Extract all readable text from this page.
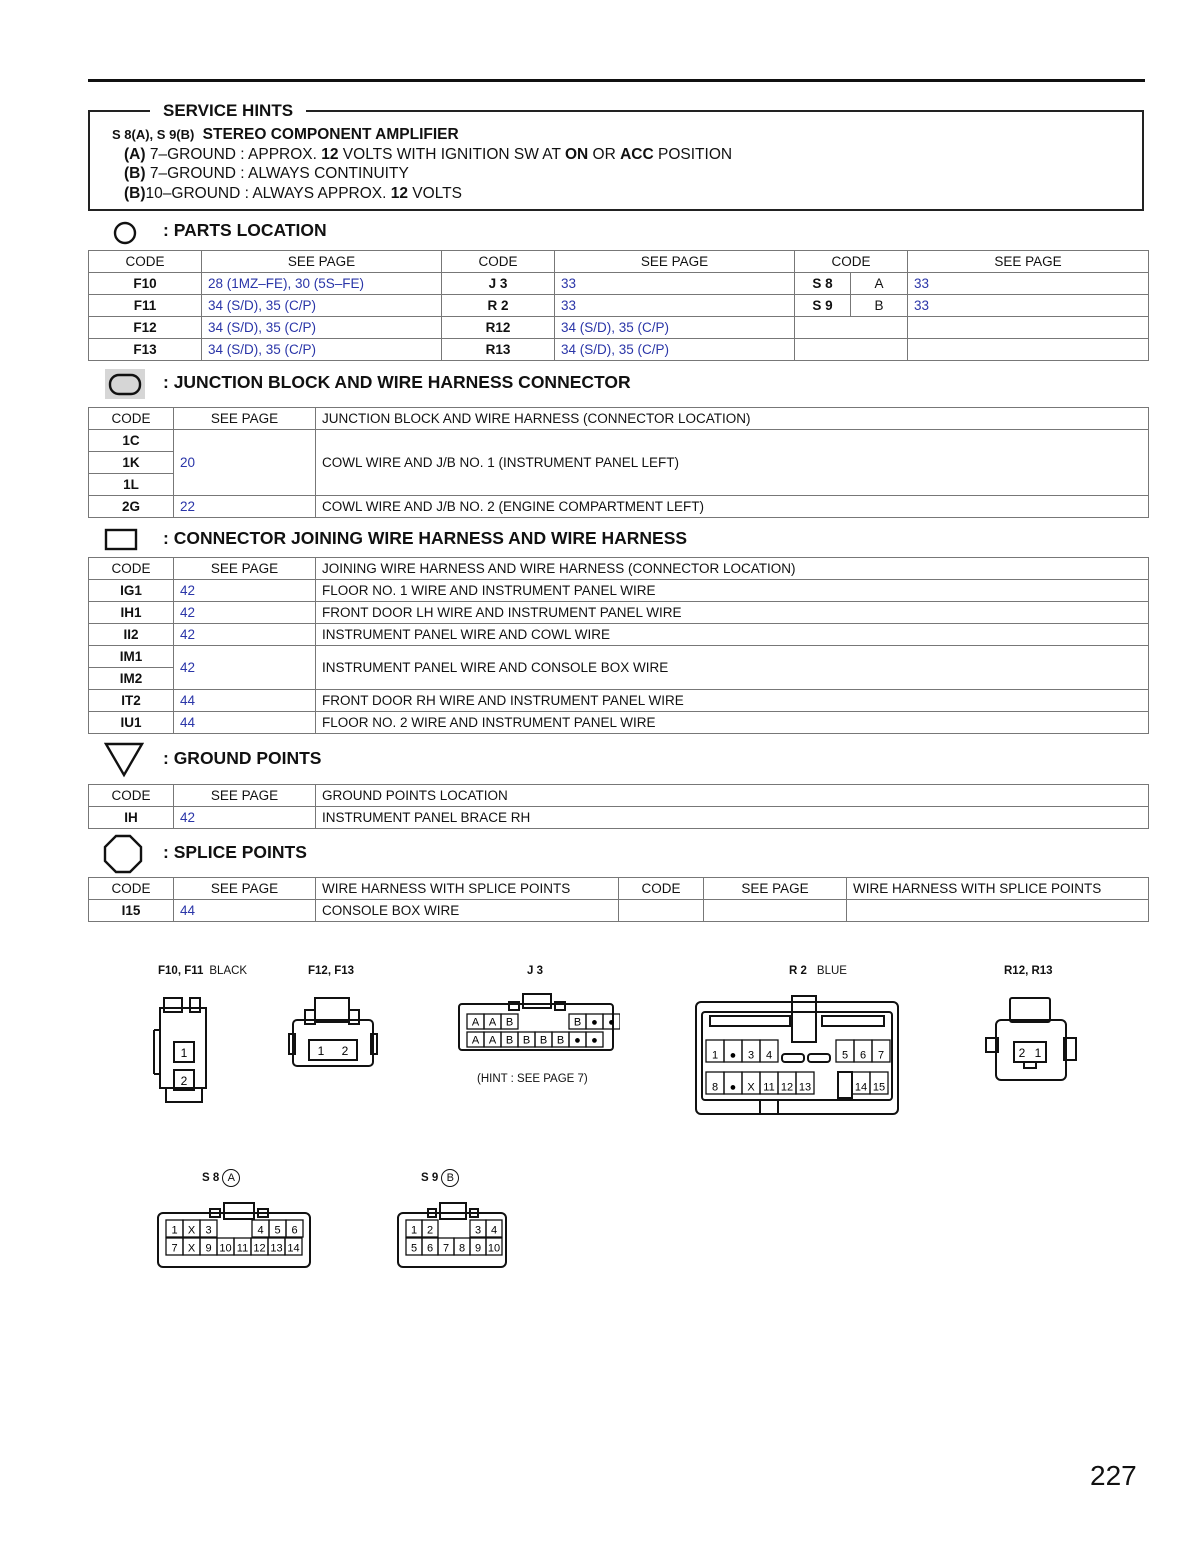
SERVICE HINTS
S 8(A), S 9(B) STEREO COMPONENT AMPLIFIER
(A) 7–GROUND : APPROX. 12 VOLTS WITH IGNITION SW AT ON OR ACC POSITION
(B) 7–GROUND : ALWAYS CONTINUITY
(B)10–GROUND : ALWAYS APPROX. 12 VOLTS
: PARTS LOCATION
CODE	SEE PAGE	CODE	SEE PAGE	CODE		SEE PAGE
F10	28 (1MZ–FE), 30 (5S–FE)	J 3	33	S 8	A	33
F11	34 (S/D), 35 (C/P)	R 2	33	S 9	B	33
F12	34 (S/D), 35 (C/P)	R12	34 (S/D), 35 (C/P)			
F13	34 (S/D), 35 (C/P)	R13	34 (S/D), 35 (C/P)			
: JUNCTION BLOCK AND WIRE HARNESS CONNECTOR
CODE	SEE PAGE	JUNCTION BLOCK AND WIRE HARNESS (CONNECTOR LOCATION)
1C	20	COWL WIRE AND J/B NO. 1 (INSTRUMENT PANEL LEFT)
1K		
1L		
2G	22	COWL WIRE AND J/B NO. 2 (ENGINE COMPARTMENT LEFT)
: CONNECTOR JOINING WIRE HARNESS AND WIRE HARNESS
CODE	SEE PAGE	JOINING WIRE HARNESS AND WIRE HARNESS (CONNECTOR LOCATION)
IG1	42	FLOOR NO. 1 WIRE AND INSTRUMENT PANEL WIRE
IH1	42	FRONT DOOR LH WIRE AND INSTRUMENT PANEL WIRE
II2	42	INSTRUMENT PANEL WIRE AND COWL WIRE
IM1	42	INSTRUMENT PANEL WIRE AND CONSOLE BOX WIRE
IM2		
IT2	44	FRONT DOOR RH WIRE AND INSTRUMENT PANEL WIRE
IU1	44	FLOOR NO. 2 WIRE AND INSTRUMENT PANEL WIRE
: GROUND POINTS
CODE	SEE PAGE	GROUND POINTS LOCATION
IH	42	INSTRUMENT PANEL BRACE RH
: SPLICE POINTS
CODE	SEE PAGE	WIRE HARNESS WITH SPLICE POINTS	CODE	SEE PAGE	WIRE HARNESS WITH SPLICE POINTS
I15	44	CONSOLE BOX WIRE			
F10, F11 BLACK
1
2
F12, F13
1 2
J 3
A A B	B ● ●
A A B B B B ● ●
(HINT : SEE PAGE 7)
R 2 BLUE
1 ● 3 4	5 6 7
8 ● X 11 12 13	14 15
R12, R13
2 1
S 8 A
1 X 3	4 5 6
7 X 9 10 11 12 13 14
S 9 B
1 2	3 4
5 6 7 8 9 10
227
